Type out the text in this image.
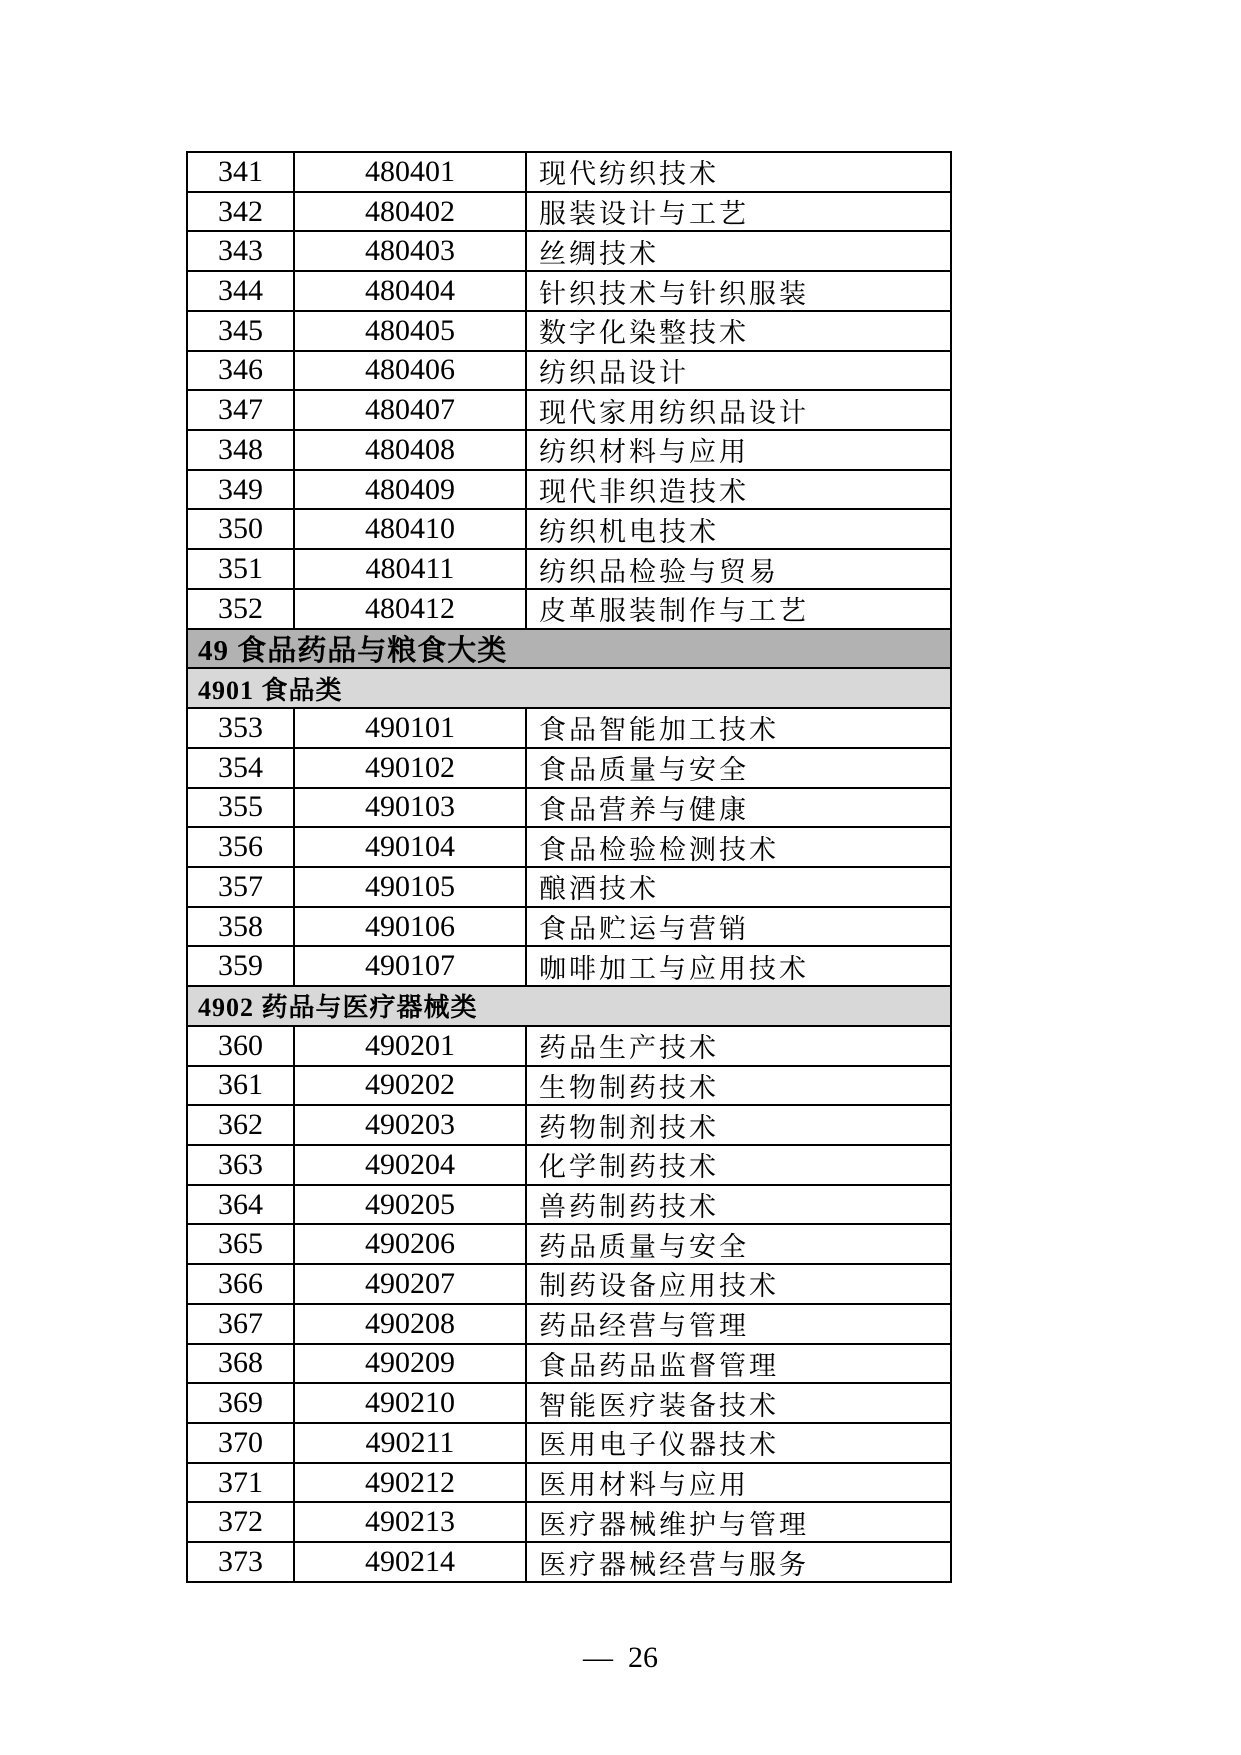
341	480401	现代纺织技术
342	480402	服装设计与工艺
343	480403	丝绸技术
344	480404	针织技术与针织服装
345	480405	数字化染整技术
346	480406	纺织品设计
347	480407	现代家用纺织品设计
348	480408	纺织材料与应用
349	480409	现代非织造技术
350	480410	纺织机电技术
351	480411	纺织品检验与贸易
352	480412	皮革服装制作与工艺
49 食品药品与粮食大类
4901 食品类
353	490101	食品智能加工技术
354	490102	食品质量与安全
355	490103	食品营养与健康
356	490104	食品检验检测技术
357	490105	酿酒技术
358	490106	食品贮运与营销
359	490107	咖啡加工与应用技术
4902 药品与医疗器械类
360	490201	药品生产技术
361	490202	生物制药技术
362	490203	药物制剂技术
363	490204	化学制药技术
364	490205	兽药制药技术
365	490206	药品质量与安全
366	490207	制药设备应用技术
367	490208	药品经营与管理
368	490209	食品药品监督管理
369	490210	智能医疗装备技术
370	490211	医用电子仪器技术
371	490212	医用材料与应用
372	490213	医疗器械维护与管理
373	490214	医疗器械经营与服务
—  26
